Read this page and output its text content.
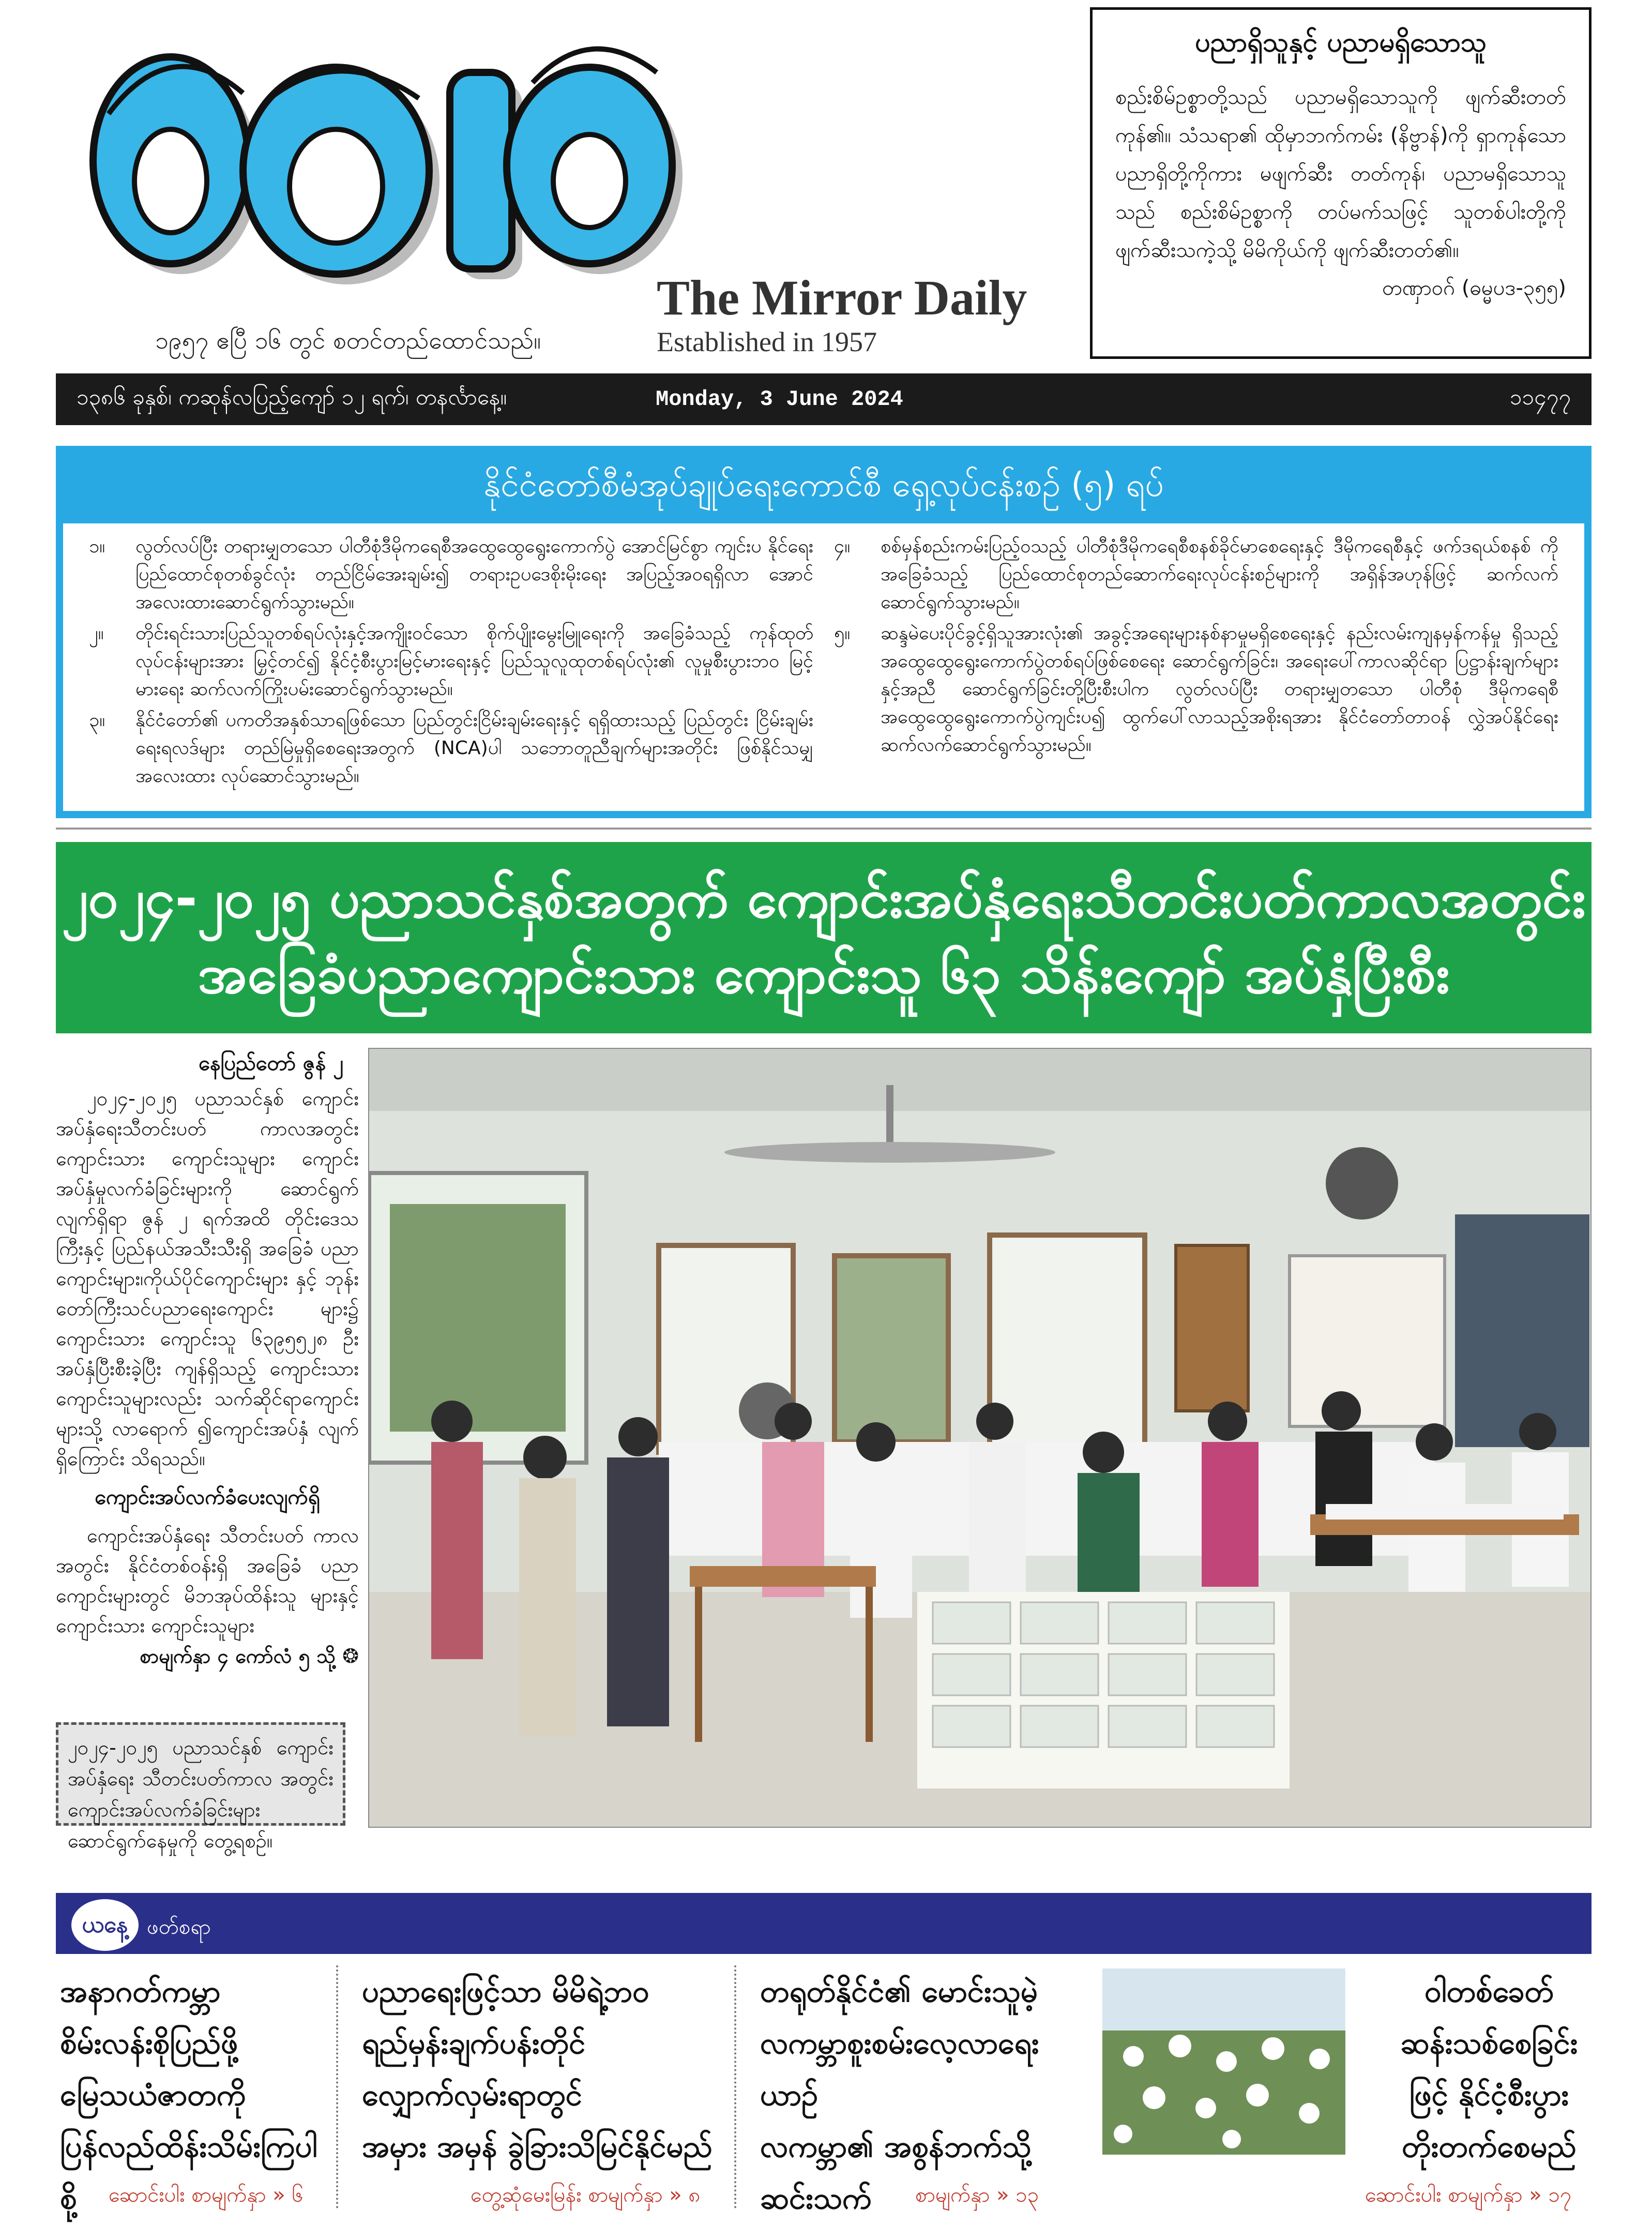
၁၉၅၇ ဧပြီ ၁၆ တွင် စတင်တည်ထောင်သည်။
The Mirror Daily
Established in 1957
ပညာရှိသူနှင့် ပညာမရှိသောသူ
စည်းစိမ်ဥစ္စာတို့သည် ပညာမရှိသောသူကို ဖျက်ဆီးတတ်ကုန်၏။ သံသရာ၏ ထိုမှာဘက်ကမ်း (နိဗ္ဗာန်)ကို ရှာကုန်သော ပညာရှိတို့ကိုကား မဖျက်ဆီး တတ်ကုန်၊ ပညာမရှိသောသူသည် စည်းစိမ်ဥစ္စာကို တပ်မက်သဖြင့် သူတစ်ပါးတို့ကို ဖျက်ဆီးသကဲ့သို့ မိမိကိုယ်ကို ဖျက်ဆီးတတ်၏။
တဏှာဝဂ် (ဓမ္မပဒ-၃၅၅)
၁၃၈၆ ခုနှစ်၊ ကဆုန်လပြည့်ကျော် ၁၂ ရက်၊ တနင်္လာနေ့။	Monday, 3 June 2024	၁၁၄၇၇
နိုင်ငံတော်စီမံအုပ်ချုပ်ရေးကောင်စီ ရှေ့လုပ်ငန်းစဉ် (၅) ရပ်
၁။	လွတ်လပ်ပြီး တရားမျှတသော ပါတီစုံဒီမိုကရေစီအထွေထွေရွေးကောက်ပွဲ အောင်မြင်စွာ ကျင်းပ နိုင်ရေး ပြည်ထောင်စုတစ်ခွင်လုံး တည်ငြိမ်အေးချမ်း၍ တရားဥပဒေစိုးမိုးရေး အပြည့်အဝရရှိလာ အောင် အလေးထားဆောင်ရွက်သွားမည်။
၂။	တိုင်းရင်းသားပြည်သူတစ်ရပ်လုံးနှင့်အကျိုးဝင်သော စိုက်ပျိုးမွေးမြူရေးကို အခြေခံသည့် ကုန်ထုတ် လုပ်ငန်းများအား မြှင့်တင်၍ နိုင်ငံ့စီးပွားမြင့်မားရေးနှင့် ပြည်သူလူထုတစ်ရပ်လုံး၏ လူမှုစီးပွားဘဝ မြင့်မားရေး ဆက်လက်ကြိုးပမ်းဆောင်ရွက်သွားမည်။
၃။	နိုင်ငံတော်၏ ပကတိအနှစ်သာရဖြစ်သော ပြည်တွင်းငြိမ်းချမ်းရေးနှင့် ရရှိထားသည့် ပြည်တွင်း ငြိမ်းချမ်းရေးရလဒ်များ တည်မြဲမှုရှိစေရေးအတွက် (NCA)ပါ သဘောတူညီချက်များအတိုင်း ဖြစ်နိုင်သမျှ အလေးထား လုပ်ဆောင်သွားမည်။
၄။	စစ်မှန်စည်းကမ်းပြည့်ဝသည့် ပါတီစုံဒီမိုကရေစီစနစ်ခိုင်မာစေရေးနှင့် ဒီမိုကရေစီနှင့် ဖက်ဒရယ်စနစ် ကို အခြေခံသည့် ပြည်ထောင်စုတည်ဆောက်ရေးလုပ်ငန်းစဉ်များကို အရှိန်အဟုန်ဖြင့် ဆက်လက် ဆောင်ရွက်သွားမည်။
၅။	ဆန္ဒမဲပေးပိုင်ခွင့်ရှိသူအားလုံး၏ အခွင့်အရေးများနစ်နာမှုမရှိစေရေးနှင့် နည်းလမ်းကျနမှန်ကန်မှု ရှိသည့် အထွေထွေရွေးကောက်ပွဲတစ်ရပ်ဖြစ်စေရေး ဆောင်ရွက်ခြင်း၊ အရေးပေါ်ကာလဆိုင်ရာ ပြဋ္ဌာန်းချက်များနှင့်အညီ ဆောင်ရွက်ခြင်းတို့ပြီးစီးပါက လွတ်လပ်ပြီး တရားမျှတသော ပါတီစုံ ဒီမိုကရေစီ အထွေထွေရွေးကောက်ပွဲကျင်းပ၍ ထွက်ပေါ်လာသည့်အစိုးရအား နိုင်ငံတော်တာဝန် လွှဲအပ်နိုင်ရေး ဆက်လက်ဆောင်ရွက်သွားမည်။
၂၀၂၄-၂၀၂၅ ပညာသင်နှစ်အတွက် ကျောင်းအပ်နှံရေးသီတင်းပတ်ကာလအတွင်း
အခြေခံပညာကျောင်းသား ကျောင်းသူ ၆၃ သိန်းကျော် အပ်နှံပြီးစီး
နေပြည်တော် ဇွန် ၂

၂၀၂၄-၂၀၂၅ ပညာသင်နှစ် ကျောင်း အပ်နှံရေးသီတင်းပတ် ကာလအတွင်း ကျောင်းသား ကျောင်းသူများ ကျောင်း အပ်နှံမှုလက်ခံခြင်းများကို ဆောင်ရွက် လျက်ရှိရာ ဇွန် ၂ ရက်အထိ တိုင်းဒေသ ကြီးနှင့် ပြည်နယ်အသီးသီးရှိ အခြေခံ ပညာကျောင်းများ၊ကိုယ်ပိုင်ကျောင်းများ နှင့် ဘုန်းတော်ကြီးသင်ပညာရေးကျောင်း များ၌ ကျောင်းသား ကျောင်းသူ ၆၃၉၅၅၂၈ ဦးအပ်နှံပြီးစီးခဲ့ပြီး ကျန်ရှိသည့် ကျောင်းသား ကျောင်းသူများလည်း သက်ဆိုင်ရာကျောင်းများသို့ လာရောက် ၍ကျောင်းအပ်နှံ လျက်ရှိကြောင်း သိရသည်။

ကျောင်းအပ်လက်ခံပေးလျက်ရှိ

ကျောင်းအပ်နှံရေး သီတင်းပတ် ကာလအတွင်း နိုင်ငံတစ်ဝန်းရှိ အခြေခံ ပညာကျောင်းများတွင် မိဘအုပ်ထိန်းသူ များနှင့် ကျောင်းသား ကျောင်းသူများ

စာမျက်နှာ ၄ ကော်လံ ၅ သို့ ❂
၂၀၂၄-၂၀၂၅ ပညာသင်နှစ် ကျောင်းအပ်နှံရေး သီတင်းပတ်ကာလ အတွင်း ကျောင်းအပ်လက်ခံခြင်းများ ဆောင်ရွက်နေမှုကို တွေ့ရစဉ်။
ယနေ့ ဖတ်စရာ
အနာဂတ်ကမ္ဘာ
စိမ်းလန်းစိုပြည်ဖို့
မြေသယံဇာတကို
ပြန်လည်ထိန်းသိမ်းကြပါစို့	ဆောင်းပါး စာမျက်နှာ » ၆
ပညာရေးဖြင့်သာ မိမိရဲ့ဘဝ
ရည်မှန်းချက်ပန်းတိုင်
လျှောက်လှမ်းရာတွင်
အမှား အမှန် ခွဲခြားသိမြင်နိုင်မည်
တွေ့ဆုံမေးမြန်း စာမျက်နှာ » ၈
တရုတ်နိုင်ငံ၏ မောင်းသူမဲ့
လကမ္ဘာစူးစမ်းလေ့လာရေးယာဉ်
လကမ္ဘာ၏ အစွန်ဘက်သို့
ဆင်းသက်	စာမျက်နှာ » ၁၃
ဝါတစ်ခေတ်
ဆန်းသစ်စေခြင်း
ဖြင့် နိုင်ငံ့စီးပွား
တိုးတက်စေမည်
ဆောင်းပါး စာမျက်နှာ » ၁၇
